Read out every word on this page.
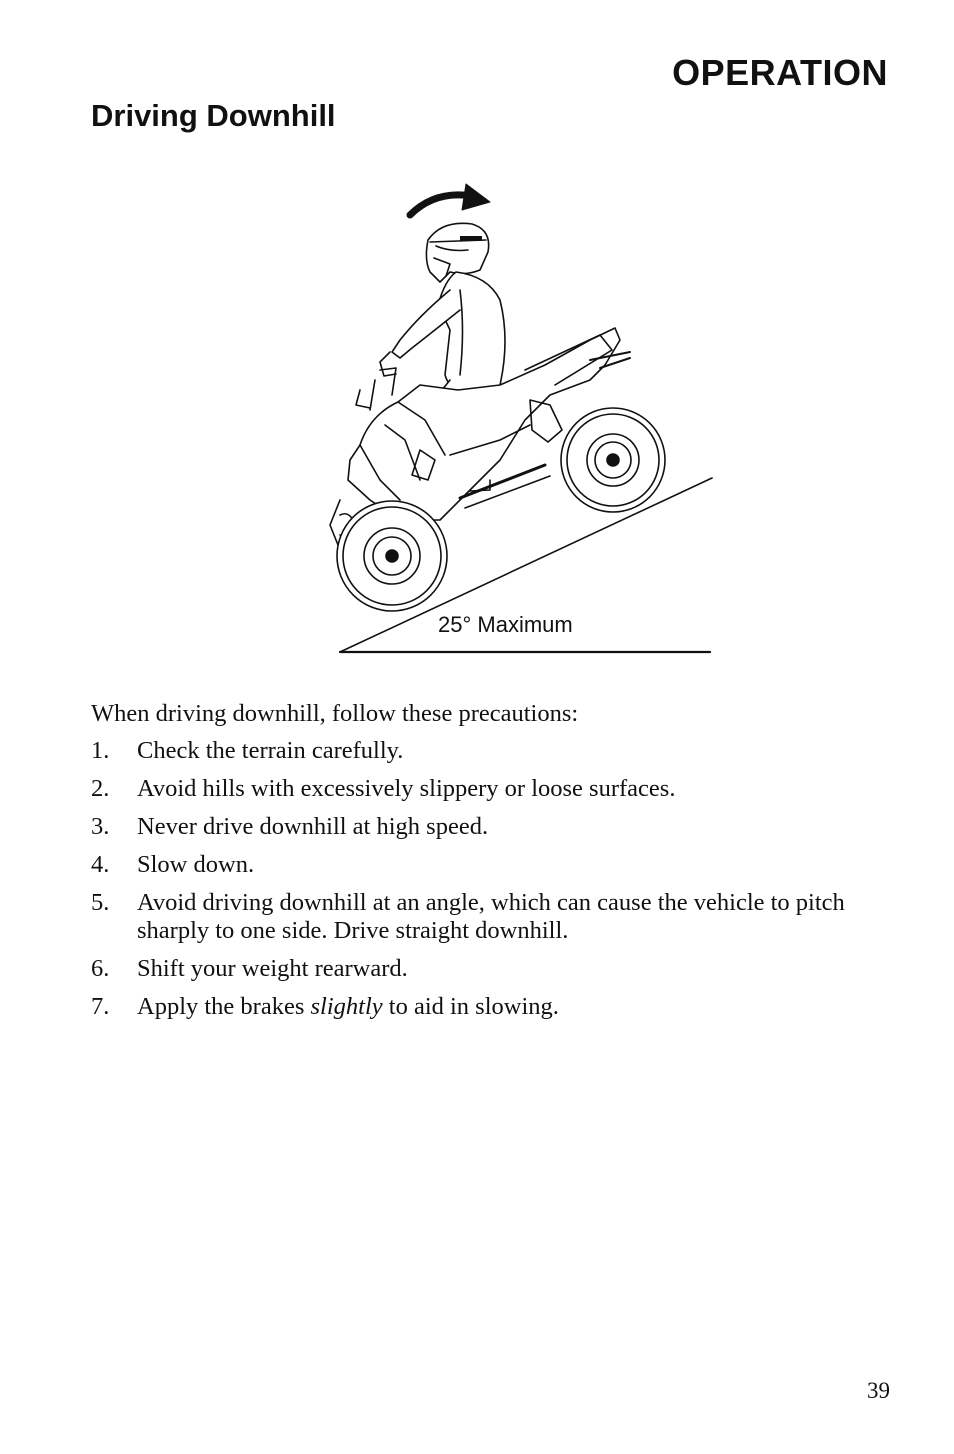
OPERATION
Driving Downhill
25° Maximum

When driving downhill, follow these precautions:

1.	Check the terrain carefully.
2.	Avoid hills with excessively slippery or loose surfaces.
3.	Never drive downhill at high speed.
4.	Slow down.
5.	Avoid driving downhill at an angle, which can cause the vehicle to pitch sharply to one side. Drive straight downhill.
6.	Shift your weight rearward.
7.	Apply the brakes slightly to aid in slowing.
39
